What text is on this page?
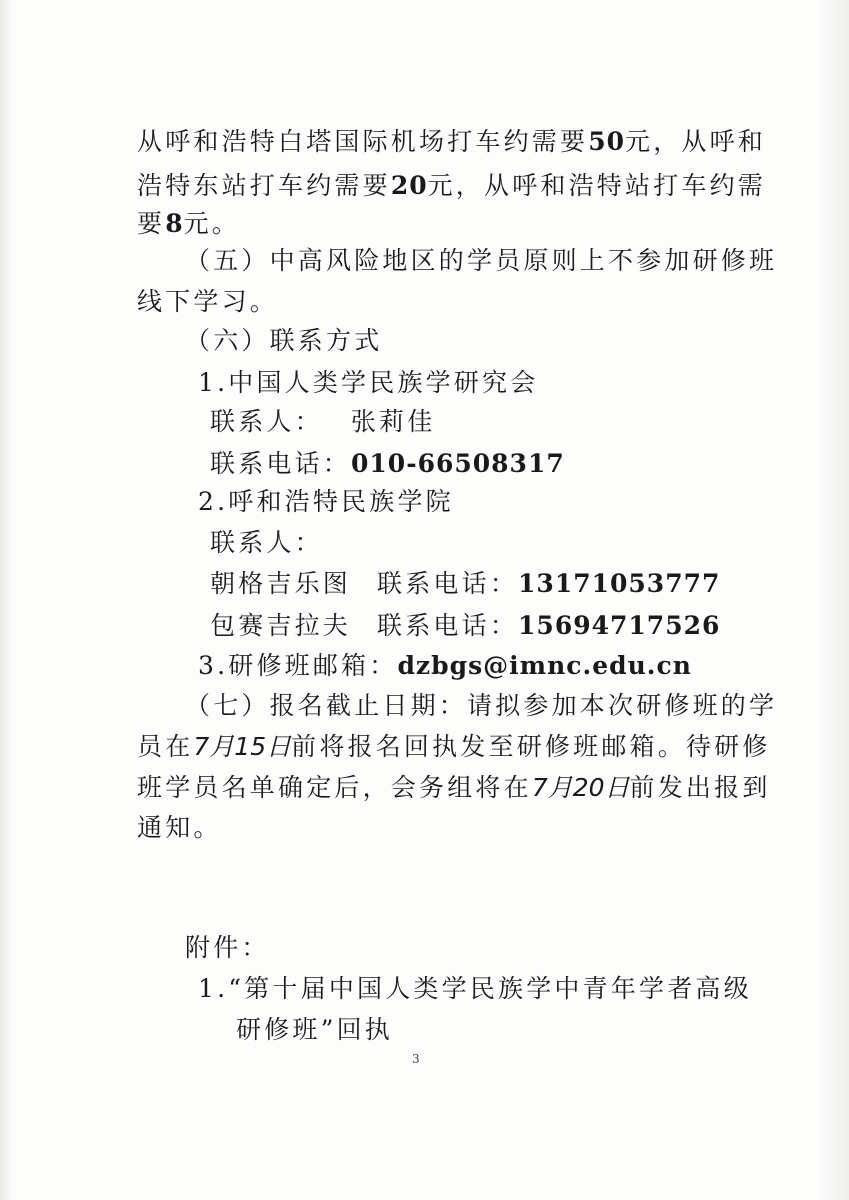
从呼和浩特白塔国际机场打车约需要50元，从呼和
浩特东站打车约需要20元，从呼和浩特站打车约需
要8元。
（五）中高风险地区的学员原则上不参加研修班
线下学习。
（六）联系方式
1.中国人类学民族学研究会
联系人： 张莉佳
联系电话：010-66508317
2.呼和浩特民族学院
联系人：
朝格吉乐图 联系电话：13171053777
包赛吉拉夫 联系电话：15694717526
3.研修班邮箱：dzbgs@imnc.edu.cn
（七）报名截止日期：请拟参加本次研修班的学
员在7月15日前将报名回执发至研修班邮箱。待研修
班学员名单确定后，会务组将在7月20日前发出报到
通知。
附件：
1.“第十届中国人类学民族学中青年学者高级
研修班”回执
3
